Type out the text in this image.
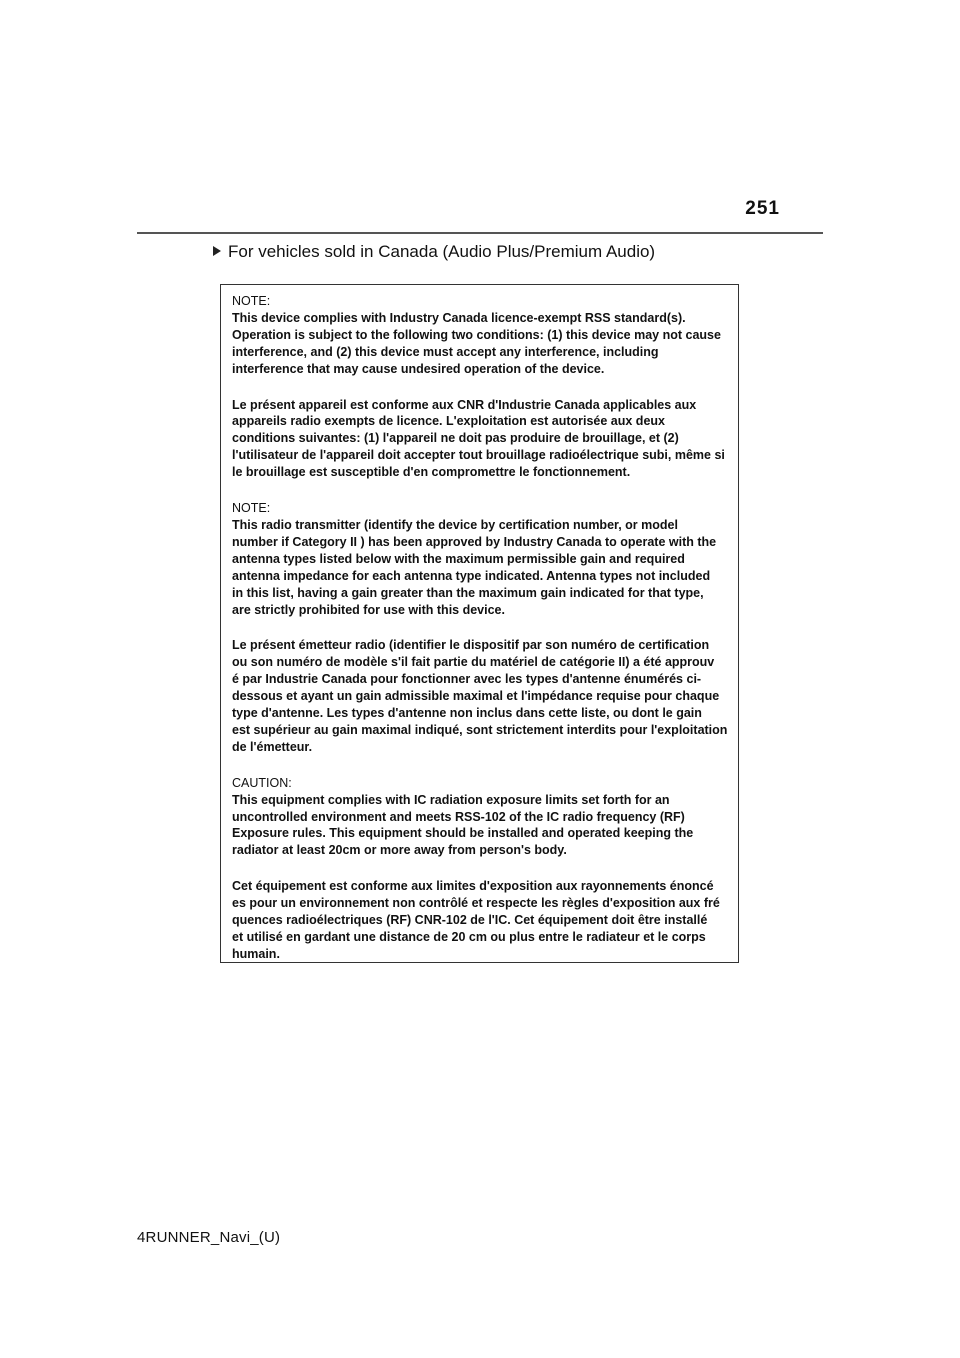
251
For vehicles sold in Canada (Audio Plus/Premium Audio)
NOTE:
This device complies with Industry Canada licence-exempt RSS standard(s).
Operation is subject to the following two conditions: (1) this device may not cause
interference, and (2) this device must accept any interference, including
interference that may cause undesired operation of the device.
Le présent appareil est conforme aux CNR d'Industrie Canada applicables aux
appareils radio exempts de licence. L'exploitation est autorisée aux deux
conditions suivantes: (1) l'appareil ne doit pas produire de brouillage, et (2)
l'utilisateur de l'appareil doit accepter tout brouillage radioélectrique subi, même si
le brouillage est susceptible d'en compromettre le fonctionnement.
NOTE:
This radio transmitter (identify the device by certification number, or model
number if Category II ) has been approved by Industry Canada to operate with the
antenna types listed below with the maximum permissible gain and required
antenna impedance for each antenna type indicated. Antenna types not included
in this list, having a gain greater than the maximum gain indicated for that type,
are strictly prohibited for use with this device.
Le présent émetteur radio (identifier le dispositif par son numéro de certification
ou son numéro de modèle s'il fait partie du matériel de catégorie II) a été approuv
é par Industrie Canada pour fonctionner avec les types d'antenne énumérés ci-
dessous et ayant un gain admissible maximal et l'impédance requise pour chaque
type d'antenne. Les types d'antenne non inclus dans cette liste, ou dont le gain
est supérieur au gain maximal indiqué, sont strictement interdits pour l'exploitation
de l'émetteur.
CAUTION:
This equipment complies with IC radiation exposure limits set forth for an
uncontrolled environment and meets RSS-102 of the IC radio frequency (RF)
Exposure rules. This equipment should be installed and operated keeping the
radiator at least 20cm or more away from person's body.
Cet équipement est conforme aux limites d'exposition aux rayonnements énoncé
es pour un environnement non contrôlé et respecte les règles d'exposition aux fré
quences radioélectriques (RF) CNR-102 de l'IC. Cet équipement doit être installé
et utilisé en gardant une distance de 20 cm ou plus entre le radiateur et le corps
humain.
4RUNNER_Navi_(U)
